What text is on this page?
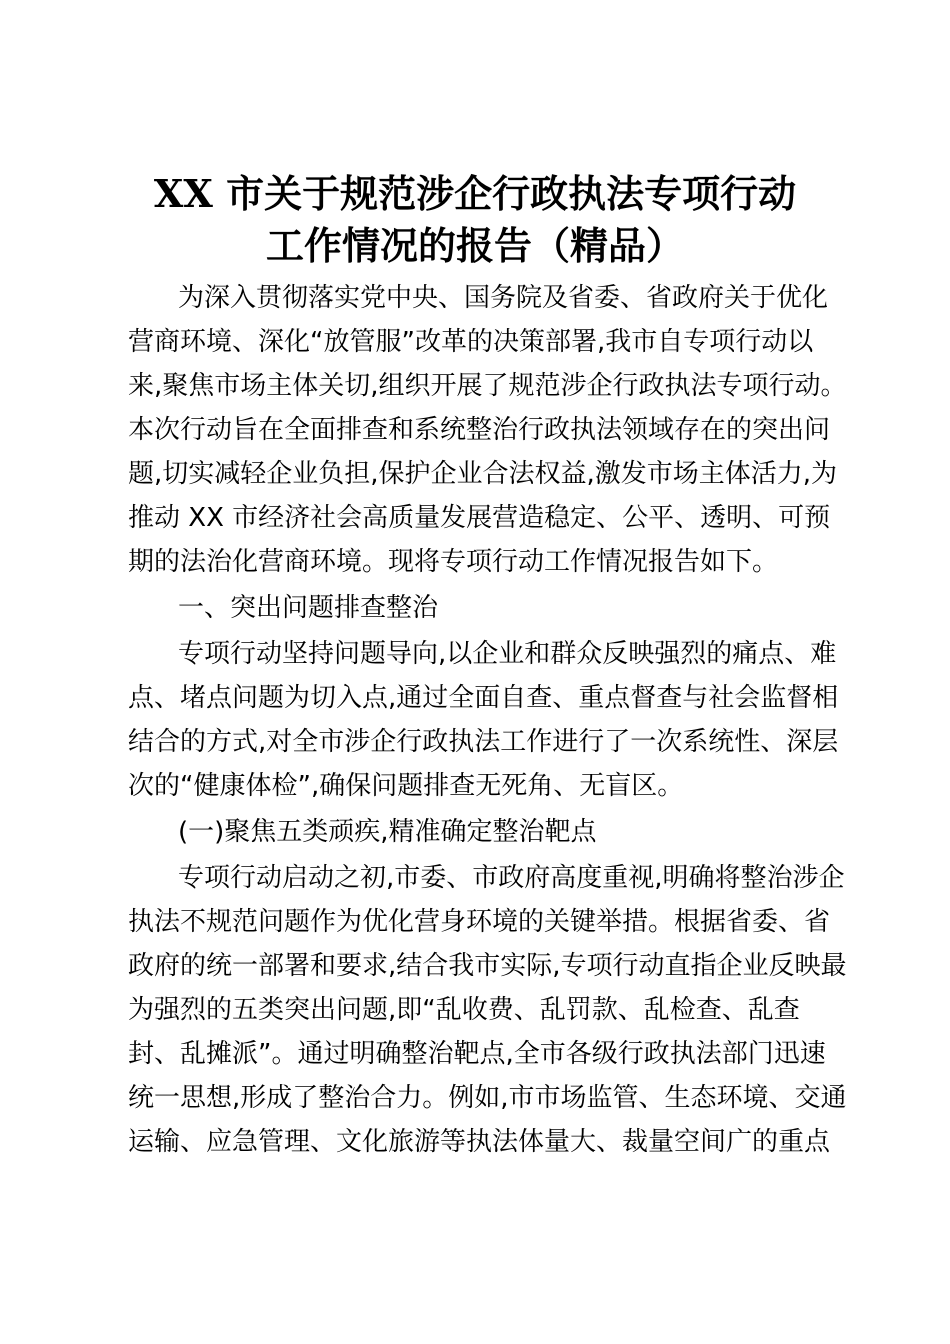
XX 市关于规范涉企行政执法专项行动
工作情况的报告（精品）

为深入贯彻落实党中央、国务院及省委、省政府关于优化

营商环境、深化“放管服”改革的决策部署,我市自专项行动以

来,聚焦市场主体关切,组织开展了规范涉企行政执法专项行动。

本次行动旨在全面排查和系统整治行政执法领域存在的突出问

题,切实减轻企业负担,保护企业合法权益,激发市场主体活力,为

推动 XX 市经济社会高质量发展营造稳定、公平、透明、可预

期的法治化营商环境。现将专项行动工作情况报告如下。

一、突出问题排查整治

专项行动坚持问题导向,以企业和群众反映强烈的痛点、难

点、堵点问题为切入点,通过全面自查、重点督查与社会监督相

结合的方式,对全市涉企行政执法工作进行了一次系统性、深层

次的“健康体检”,确保问题排查无死角、无盲区。

(一)聚焦五类顽疾,精准确定整治靶点

专项行动启动之初,市委、市政府高度重视,明确将整治涉企

执法不规范问题作为优化营身环境的关键举措。根据省委、省

政府的统一部署和要求,结合我市实际,专项行动直指企业反映最

为强烈的五类突出问题,即“乱收费、乱罚款、乱检查、乱查

封、乱摊派”。通过明确整治靶点,全市各级行政执法部门迅速

统一思想,形成了整治合力。例如,市市场监管、生态环境、交通

运输、应急管理、文化旅游等执法体量大、裁量空间广的重点
